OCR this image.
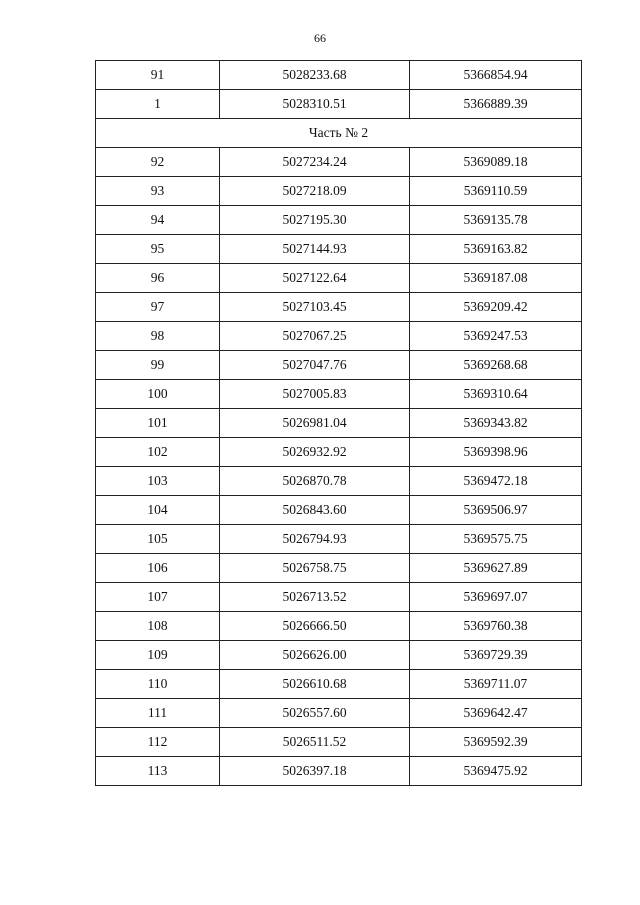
66
91	5028233.68	5366854.94
1	5028310.51	5366889.39
Часть № 2		
92	5027234.24	5369089.18
93	5027218.09	5369110.59
94	5027195.30	5369135.78
95	5027144.93	5369163.82
96	5027122.64	5369187.08
97	5027103.45	5369209.42
98	5027067.25	5369247.53
99	5027047.76	5369268.68
100	5027005.83	5369310.64
101	5026981.04	5369343.82
102	5026932.92	5369398.96
103	5026870.78	5369472.18
104	5026843.60	5369506.97
105	5026794.93	5369575.75
106	5026758.75	5369627.89
107	5026713.52	5369697.07
108	5026666.50	5369760.38
109	5026626.00	5369729.39
110	5026610.68	5369711.07
111	5026557.60	5369642.47
112	5026511.52	5369592.39
113	5026397.18	5369475.92
